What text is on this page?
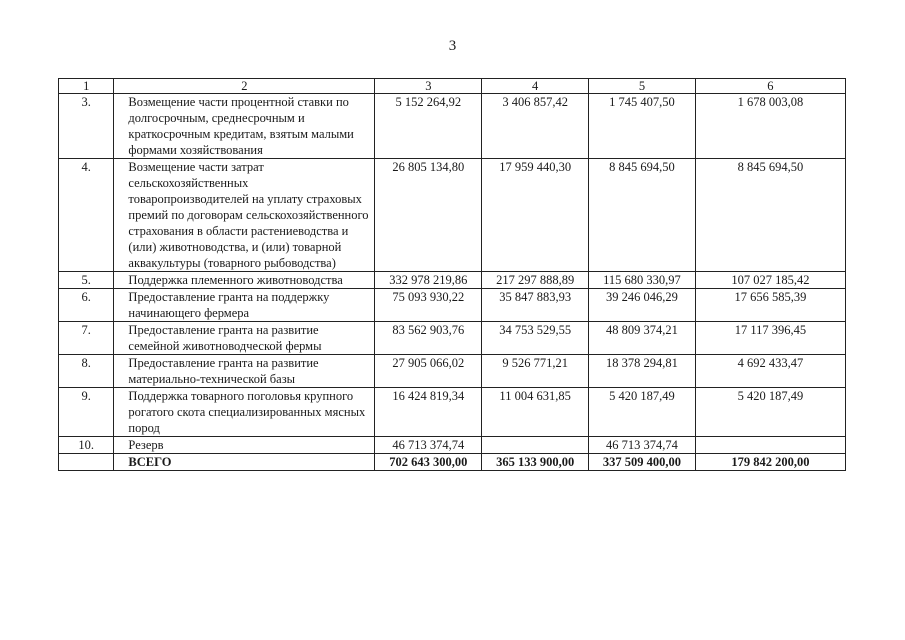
3
1	2	3	4	5	6
3.	Возмещение части процентной ставки по долгосрочным, среднесрочным и краткосрочным кредитам, взятым малыми формами хозяйствования	5 152 264,92	3 406 857,42	1 745 407,50	1 678 003,08
4.	Возмещение части затрат сельскохозяйственных товаропроизводителей на уплату страховых премий по договорам сельскохозяйственного страхования в области растениеводства и (или) животноводства, и (или) товарной аквакультуры (товарного рыбоводства)	26 805 134,80	17 959 440,30	8 845 694,50	8 845 694,50
5.	Поддержка племенного животноводства	332 978 219,86	217 297 888,89	115 680 330,97	107 027 185,42
6.	Предоставление гранта на поддержку начинающего фермера	75 093 930,22	35 847 883,93	39 246 046,29	17 656 585,39
7.	Предоставление гранта на развитие семейной животноводческой фермы	83 562 903,76	34 753 529,55	48 809 374,21	17 117 396,45
8.	Предоставление гранта на развитие материально-технической базы	27 905 066,02	9 526 771,21	18 378 294,81	4 692 433,47
9.	Поддержка товарного поголовья крупного рогатого скота специализированных мясных пород	16 424 819,34	11 004 631,85	5 420 187,49	5 420 187,49
10.	Резерв	46 713 374,74		46 713 374,74	
	ВСЕГО	702 643 300,00	365 133 900,00	337 509 400,00	179 842 200,00
